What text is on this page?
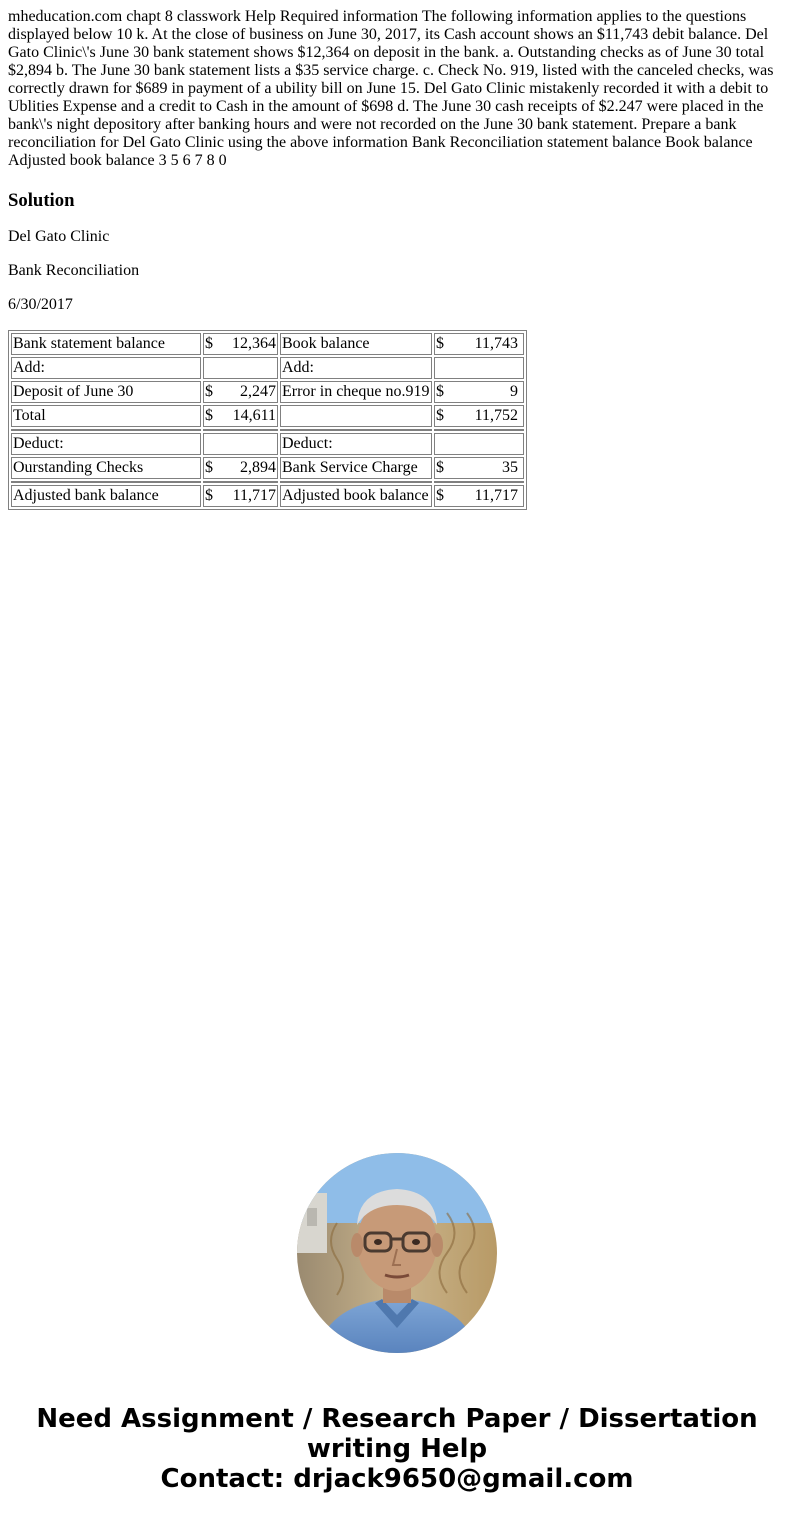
mheducation.com chapt 8 classwork Help Required information The following information applies to the questions displayed below 10 k. At the close of business on June 30, 2017, its Cash account shows an $11,743 debit balance. Del Gato Clinic\'s June 30 bank statement shows $12,364 on deposit in the bank. a. Outstanding checks as of June 30 total $2,894 b. The June 30 bank statement lists a $35 service charge. c. Check No. 919, listed with the canceled checks, was correctly drawn for $689 in payment of a ubility bill on June 15. Del Gato Clinic mistakenly recorded it with a debit to Ublities Expense and a credit to Cash in the amount of $698 d. The June 30 cash receipts of $2.247 were placed in the bank\'s night depository after banking hours and were not recorded on the June 30 bank statement. Prepare a bank reconciliation for Del Gato Clinic using the above information Bank Reconciliation statement balance Book balance Adjusted book balance 3 5 6 7 8 0

Solution

Del Gato Clinic

Bank Reconciliation

6/30/2017

Bank statement balance	$ 12,364	Book balance	$ 11,743

Add:		Add:	
Deposit of June 30	$ 2,247	Error in cheque no.919	$ 9

Total	$ 14,611		$ 11,752

Deduct:		Deduct:	
Ourstanding Checks	$ 2,894	Bank Service Charge	$ 35

Adjusted bank balance	$ 11,717	Adjusted book balance	$ 11,717
Need Assignment / Research Paper / Dissertation
writing Help
Contact: drjack9650@gmail.com
